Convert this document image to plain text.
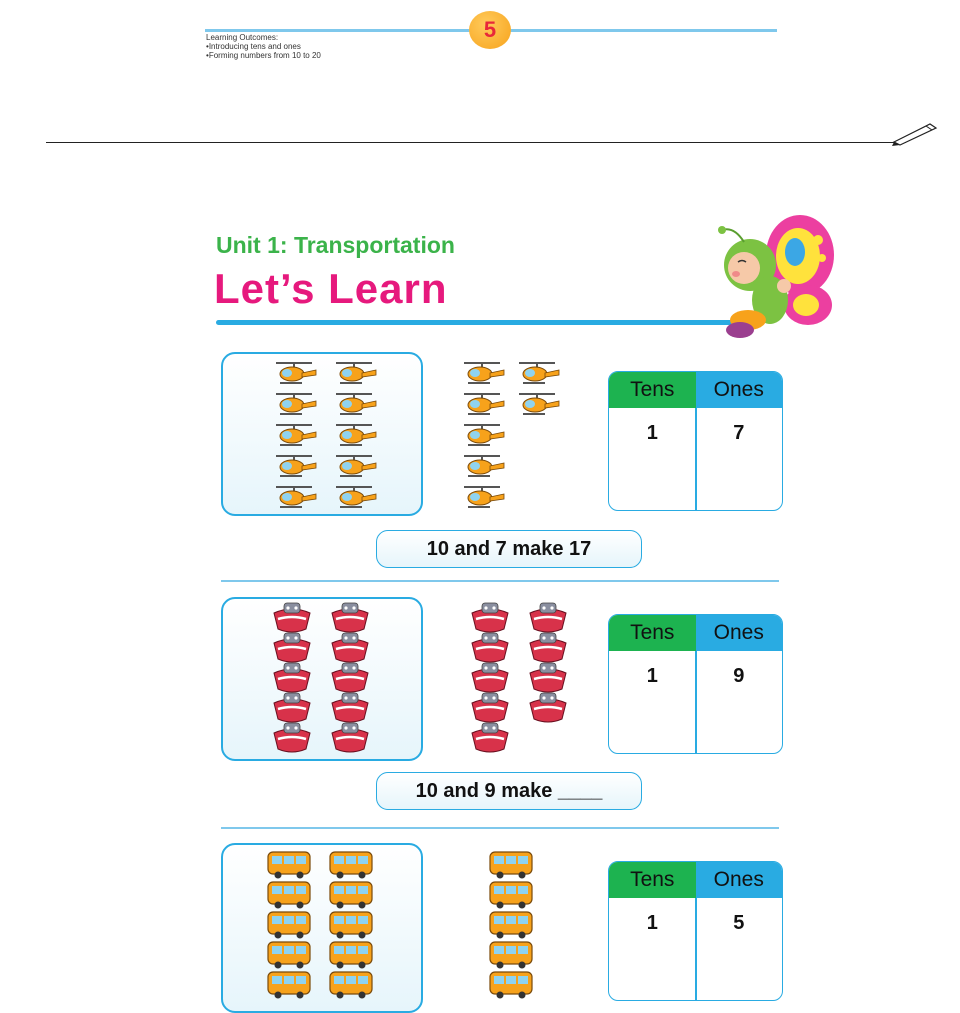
5
Learning Outcomes:
• Introducing tens and ones
• Forming numbers from 10 to 20
Unit 1: Transportation
Let’s Learn
Tens	Ones
1	7
10 and 7 make 17
Tens	Ones
1	9
10 and 9 make ____
Tens	Ones
1	5
